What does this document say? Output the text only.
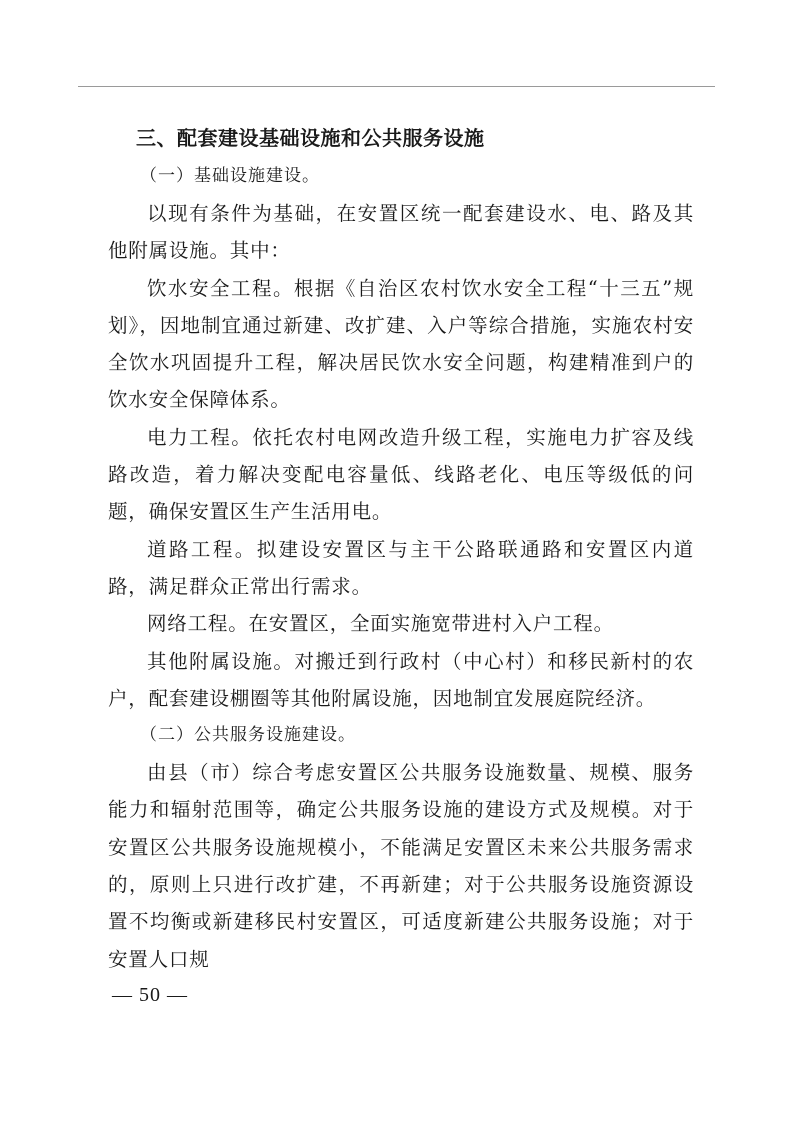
三、配套建设基础设施和公共服务设施

（一）基础设施建设。

以现有条件为基础，在安置区统一配套建设水、电、路及其他附属设施。其中：

饮水安全工程。根据《自治区农村饮水安全工程“十三五”规划》，因地制宜通过新建、改扩建、入户等综合措施，实施农村安全饮水巩固提升工程，解决居民饮水安全问题，构建精准到户的饮水安全保障体系。

电力工程。依托农村电网改造升级工程，实施电力扩容及线路改造，着力解决变配电容量低、线路老化、电压等级低的问题，确保安置区生产生活用电。

道路工程。拟建设安置区与主干公路联通路和安置区内道路，满足群众正常出行需求。

网络工程。在安置区，全面实施宽带进村入户工程。

其他附属设施。对搬迁到行政村（中心村）和移民新村的农户，配套建设棚圈等其他附属设施，因地制宜发展庭院经济。

（二）公共服务设施建设。

由县（市）综合考虑安置区公共服务设施数量、规模、服务能力和辐射范围等，确定公共服务设施的建设方式及规模。对于安置区公共服务设施规模小，不能满足安置区未来公共服务需求的，原则上只进行改扩建，不再新建；对于公共服务设施资源设置不均衡或新建移民村安置区，可适度新建公共服务设施；对于安置人口规

— 50 —
